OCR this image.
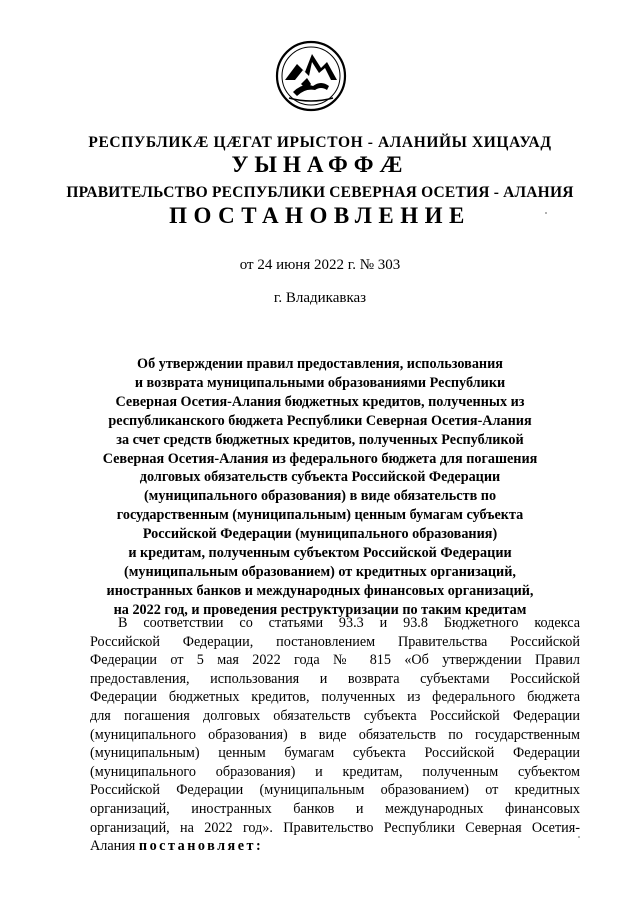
РЕСПУБЛИКӔ ЦӔГАТ ИРЫСТОН - АЛАНИЙЫ ХИЦАУАД
УЫНАФФӔ
ПРАВИТЕЛЬСТВО РЕСПУБЛИКИ СЕВЕРНАЯ ОСЕТИЯ - АЛАНИЯ
ПОСТАНОВЛЕНИЕ
от 24 июня 2022 г. № 303
г. Владикавказ
Об утверждении правил предоставления, использования
и возврата муниципальными образованиями Республики
Северная Осетия-Алания бюджетных кредитов, полученных из
республиканского бюджета Республики Северная Осетия-Алания
за счет средств бюджетных кредитов, полученных Республикой
Северная Осетия-Алания из федерального бюджета для погашения
долговых обязательств субъекта Российской Федерации
(муниципального образования) в виде обязательств по
государственным (муниципальным) ценным бумагам субъекта
Российской Федерации (муниципального образования)
и кредитам, полученным субъектом Российской Федерации
(муниципальным образованием) от кредитных организаций,
иностранных банков и международных финансовых организаций,
на 2022 год, и проведения реструктуризации по таким кредитам
В соответствии со статьями 93.3 и 93.8 Бюджетного кодекса
Российской Федерации, постановлением Правительства Российской
Федерации от 5 мая 2022 года № 815 «Об утверждении Правил
предоставления, использования и возврата субъектами Российской
Федерации бюджетных кредитов, полученных из федерального бюджета
для погашения долговых обязательств субъекта Российской Федерации
(муниципального образования) в виде обязательств по государственным
(муниципальным) ценным бумагам субъекта Российской Федерации
(муниципального образования) и кредитам, полученным субъектом
Российской Федерации (муниципальным образованием) от кредитных
организаций, иностранных банков и международных финансовых
организаций, на 2022 год». Правительство Республики Северная Осетия-
Алания постановляет:
